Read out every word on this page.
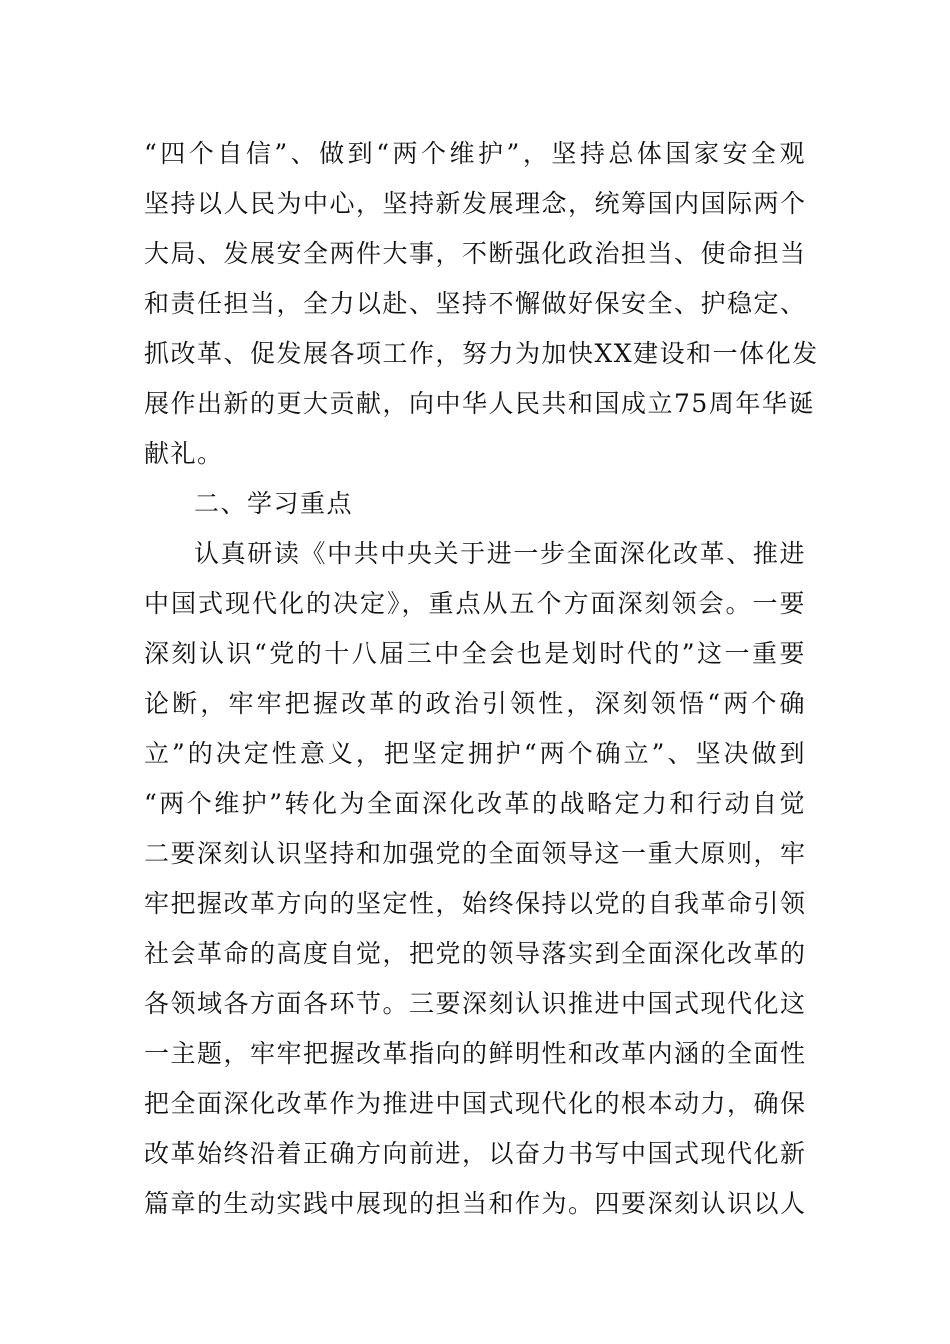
“四个自信”、做到“两个维护”，坚持总体国家安全观
坚持以人民为中心，坚持新发展理念，统筹国内国际两个
大局、发展安全两件大事，不断强化政治担当、使命担当
和责任担当，全力以赴、坚持不懈做好保安全、护稳定、
抓改革、促发展各项工作，努力为加快XX建设和一体化发
展作出新的更大贡献，向中华人民共和国成立75周年华诞
献礼。
二、学习重点
认真研读《中共中央关于进一步全面深化改革、推进
中国式现代化的决定》，重点从五个方面深刻领会。一要
深刻认识“党的十八届三中全会也是划时代的”这一重要
论断，牢牢把握改革的政治引领性，深刻领悟“两个确
立”的决定性意义，把坚定拥护“两个确立”、坚决做到
“两个维护”转化为全面深化改革的战略定力和行动自觉
二要深刻认识坚持和加强党的全面领导这一重大原则，牢
牢把握改革方向的坚定性，始终保持以党的自我革命引领
社会革命的高度自觉，把党的领导落实到全面深化改革的
各领域各方面各环节。三要深刻认识推进中国式现代化这
一主题，牢牢把握改革指向的鲜明性和改革内涵的全面性
把全面深化改革作为推进中国式现代化的根本动力，确保
改革始终沿着正确方向前进，以奋力书写中国式现代化新
篇章的生动实践中展现的担当和作为。四要深刻认识以人
